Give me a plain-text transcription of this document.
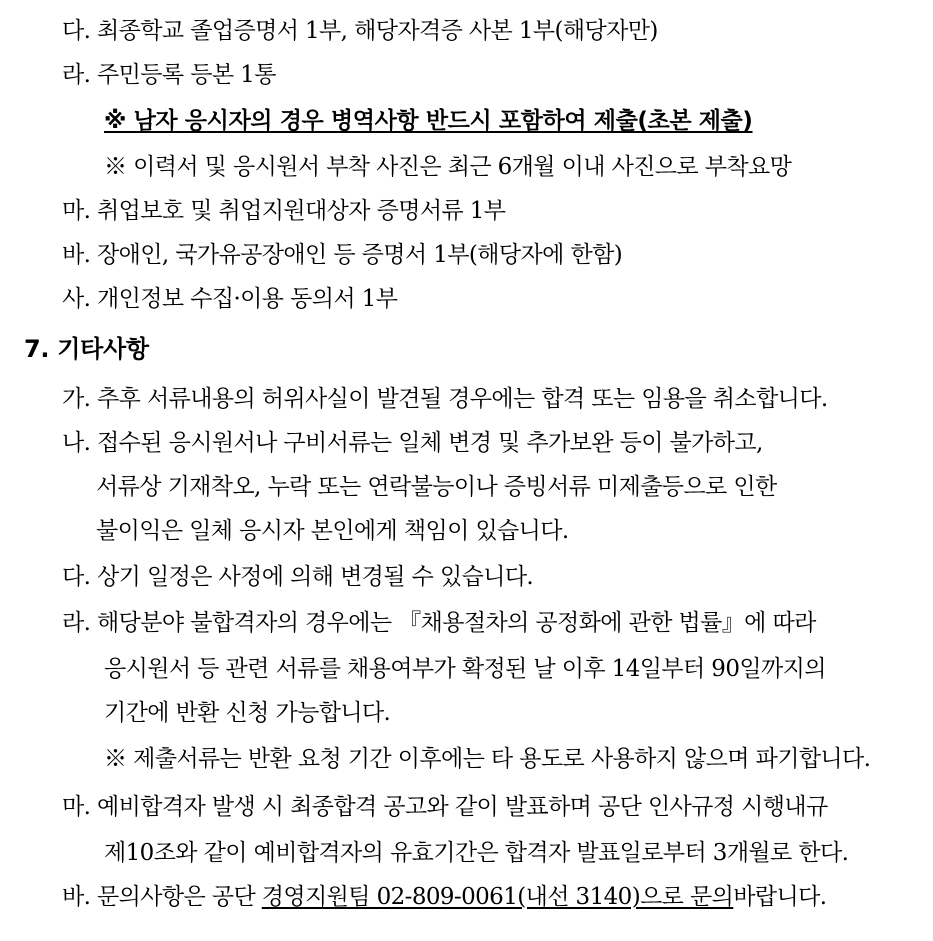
다. 최종학교 졸업증명서 1부, 해당자격증 사본 1부(해당자만)
라. 주민등록 등본 1통
※ 남자 응시자의 경우 병역사항 반드시 포함하여 제출(초본 제출)
※ 이력서 및 응시원서 부착 사진은 최근 6개월 이내 사진으로 부착요망
마. 취업보호 및 취업지원대상자 증명서류 1부
바. 장애인, 국가유공장애인 등 증명서 1부(해당자에 한함)
사. 개인정보 수집·이용 동의서 1부
7. 기타사항
가. 추후 서류내용의 허위사실이 발견될 경우에는 합격 또는 임용을 취소합니다.
나. 접수된 응시원서나 구비서류는 일체 변경 및 추가보완 등이 불가하고,
서류상 기재착오, 누락 또는 연락불능이나 증빙서류 미제출등으로 인한
불이익은 일체 응시자 본인에게 책임이 있습니다.
다. 상기 일정은 사정에 의해 변경될 수 있습니다.
라. 해당분야 불합격자의 경우에는 『채용절차의 공정화에 관한 법률』에 따라
응시원서 등 관련 서류를 채용여부가 확정된 날 이후 14일부터 90일까지의
기간에 반환 신청 가능합니다.
※ 제출서류는 반환 요청 기간 이후에는 타 용도로 사용하지 않으며 파기합니다.
마. 예비합격자 발생 시 최종합격 공고와 같이 발표하며 공단 인사규정 시행내규
제10조와 같이 예비합격자의 유효기간은 합격자 발표일로부터 3개월로 한다.
바. 문의사항은 공단 경영지원팀 02-809-0061(내선 3140)으로 문의바랍니다.
